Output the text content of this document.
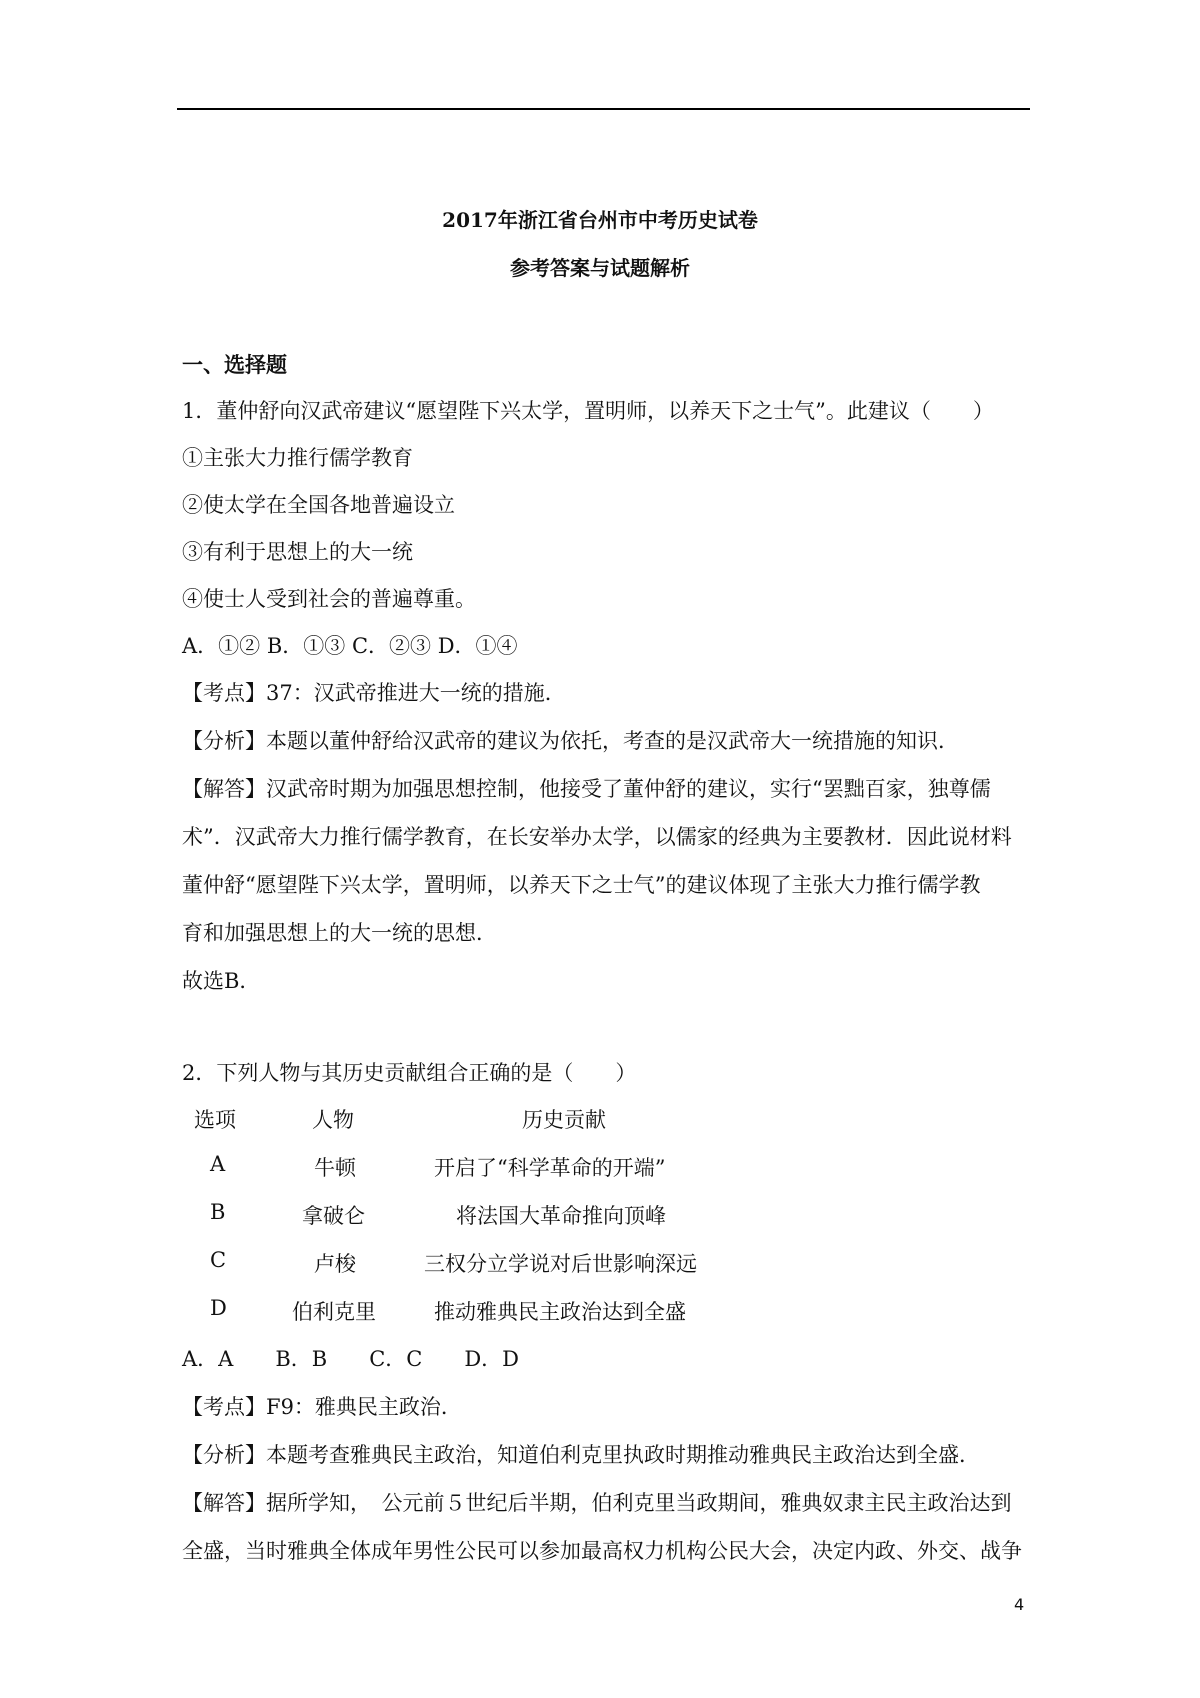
2017年浙江省台州市中考历史试卷
参考答案与试题解析
一、选择题
1．董仲舒向汉武帝建议“愿望陛下兴太学，置明师，以养天下之士气”。此建议（　　）
①主张大力推行儒学教育
②使太学在全国各地普遍设立
③有利于思想上的大一统
④使士人受到社会的普遍尊重。
A．①② B．①③ C．②③ D．①④
【考点】37：汉武帝推进大一统的措施．
【分析】本题以董仲舒给汉武帝的建议为依托，考查的是汉武帝大一统措施的知识．
【解答】汉武帝时期为加强思想控制，他接受了董仲舒的建议，实行“罢黜百家，独尊儒
术”．汉武帝大力推行儒学教育，在长安举办太学，以儒家的经典为主要教材．因此说材料
董仲舒“愿望陛下兴太学，置明师，以养天下之士气”的建议体现了主张大力推行儒学教
育和加强思想上的大一统的思想．
故选B．
2．下列人物与其历史贡献组合正确的是（　　）
选项	人物	历史贡献
A	牛顿	开启了“科学革命的开端”
B	拿破仑	将法国大革命推向顶峰
C	卢梭	三权分立学说对后世影响深远
D	伯利克里	推动雅典民主政治达到全盛
A．A　　B．B　　C．C　　D．D
【考点】F9：雅典民主政治．
【分析】本题考查雅典民主政治，知道伯利克里执政时期推动雅典民主政治达到全盛．
【解答】据所学知，　公元前５世纪后半期，伯利克里当政期间，雅典奴隶主民主政治达到
全盛，当时雅典全体成年男性公民可以参加最高权力机构公民大会，决定内政、外交、战争
4
